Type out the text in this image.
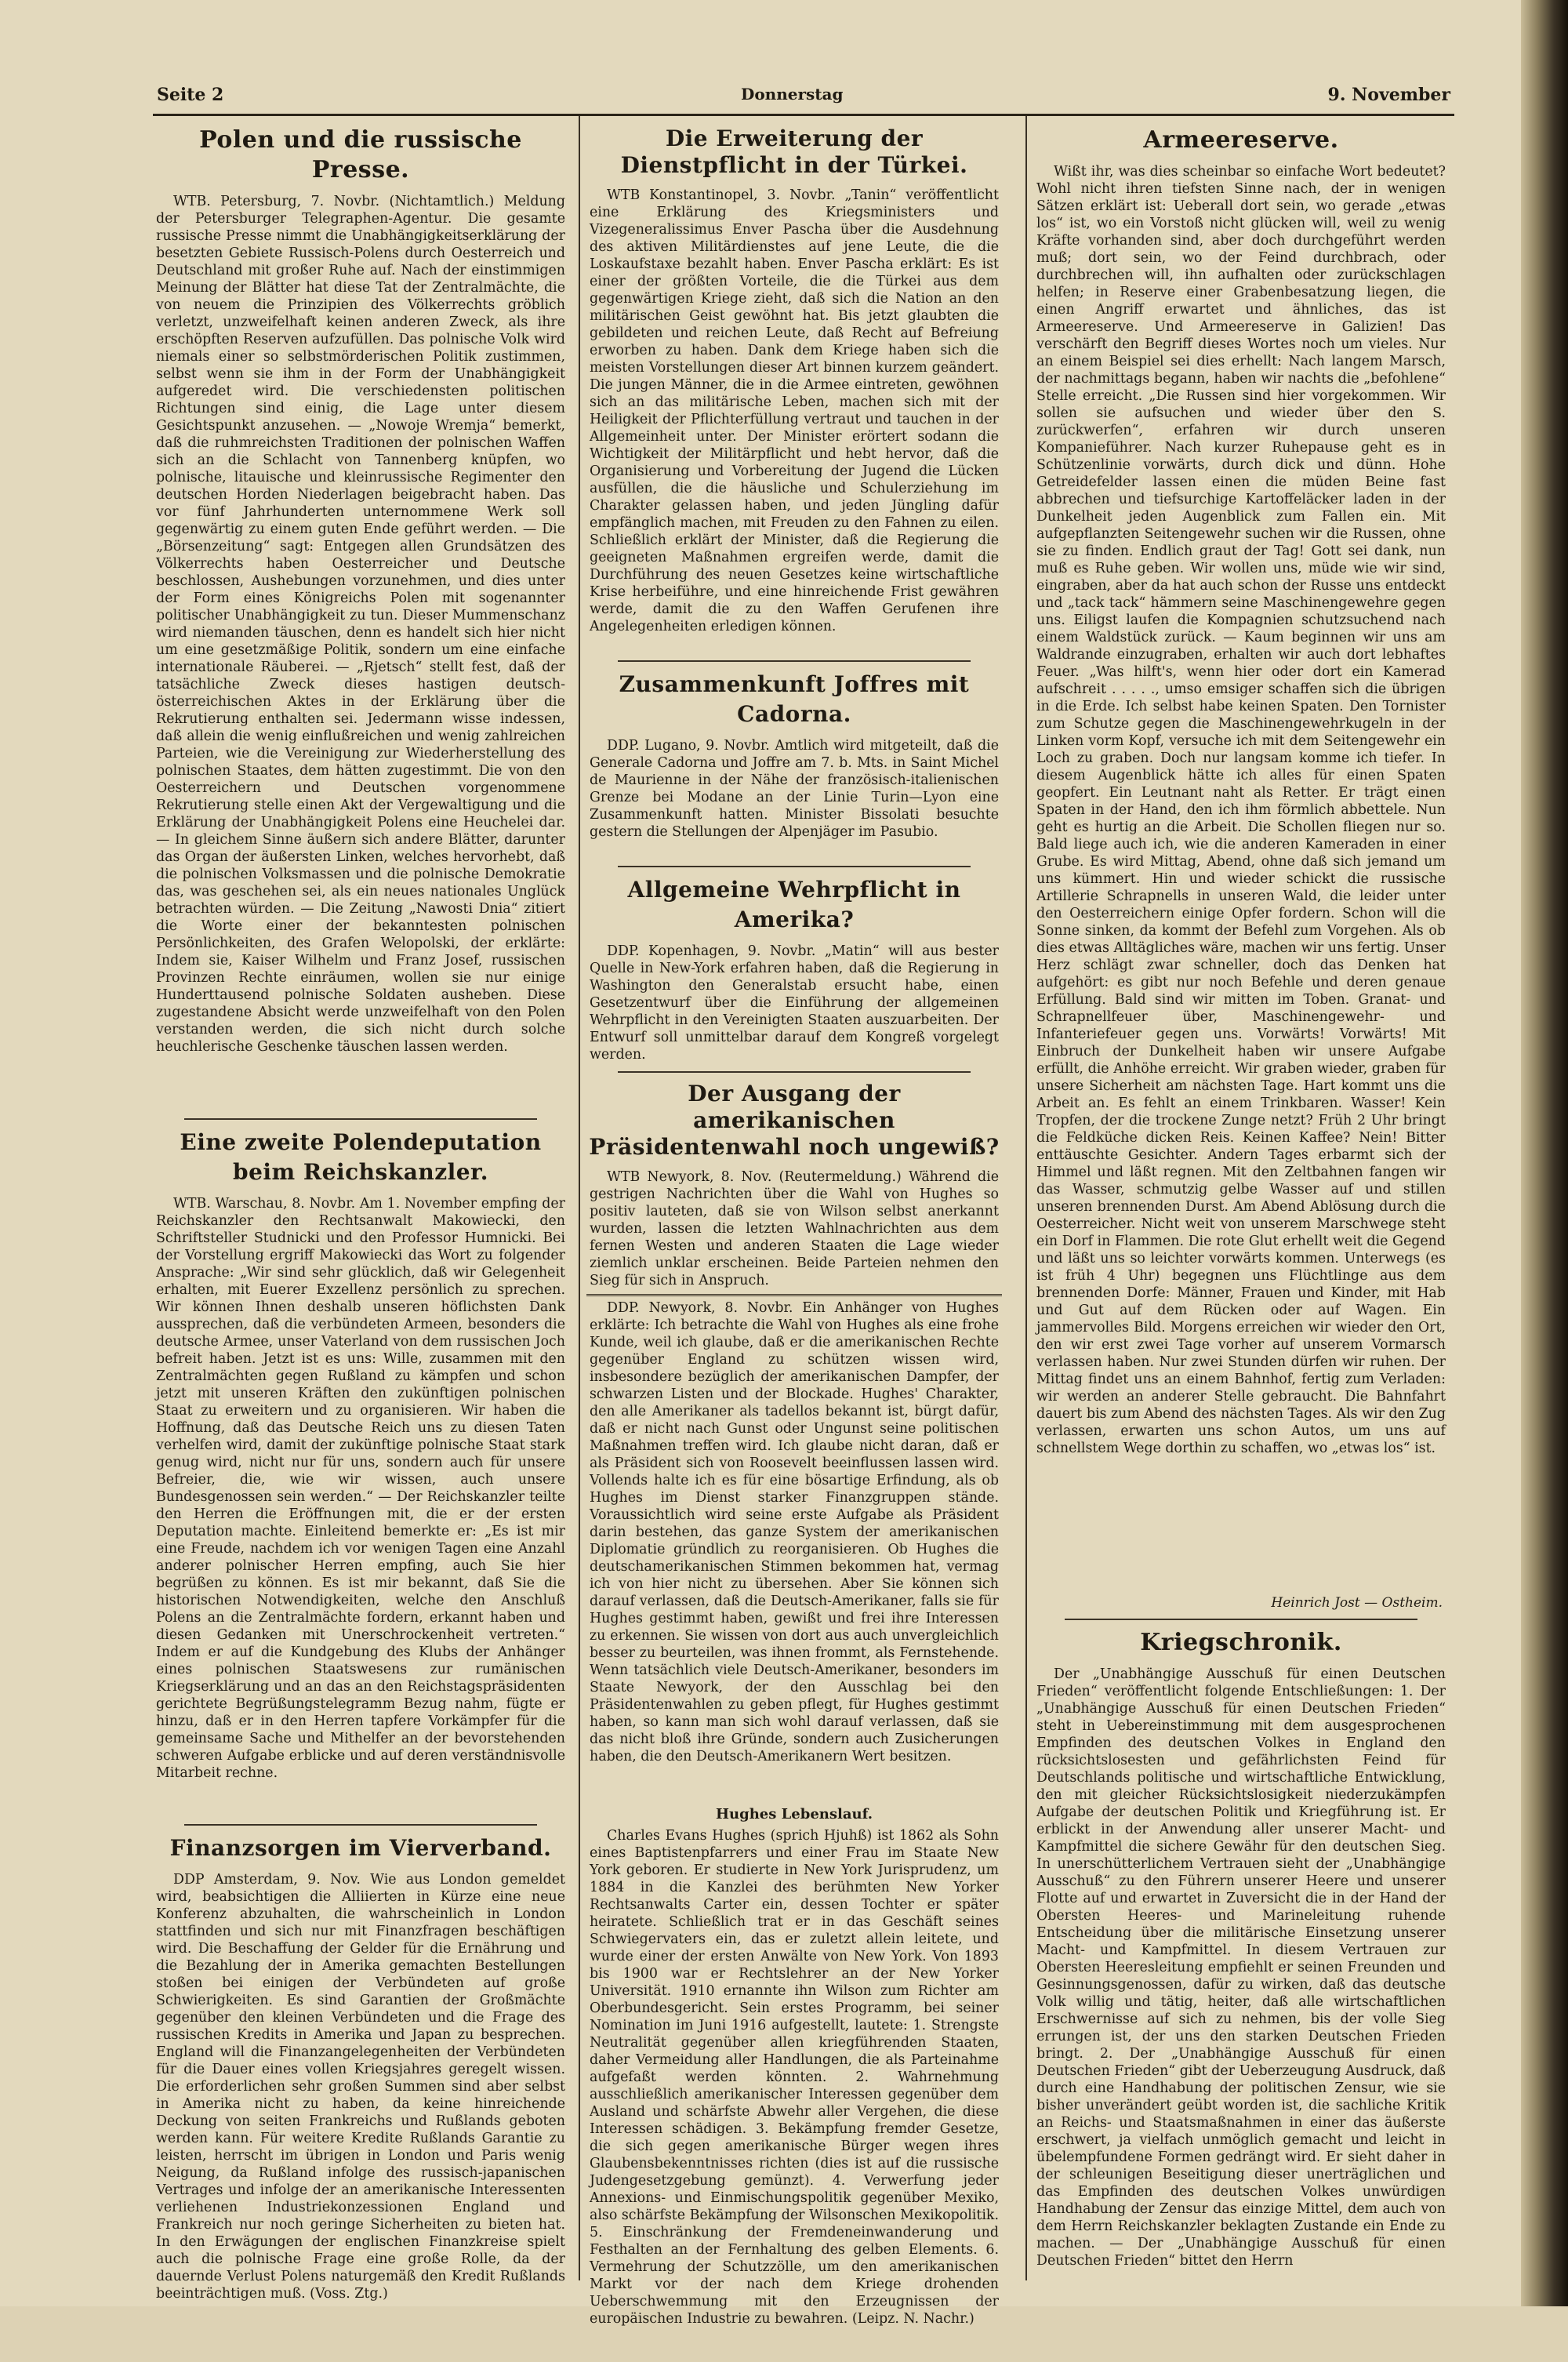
Seite 2	Donnerstag	9. November
Polen und die russische Presse.
WTB. Petersburg, 7. Novbr. (Nichtamtlich.) Meldung der Petersburger Telegraphen-Agentur. Die gesamte russische Presse nimmt die Unabhängigkeitserklärung der besetzten Gebiete Russisch-Polens durch Oesterreich und Deutschland mit großer Ruhe auf. Nach der einstimmigen Meinung der Blätter hat diese Tat der Zentralmächte, die von neuem die Prinzipien des Völkerrechts gröblich verletzt, unzweifelhaft keinen anderen Zweck, als ihre erschöpften Reserven aufzufüllen. Das polnische Volk wird niemals einer so selbstmörderischen Politik zustimmen, selbst wenn sie ihm in der Form der Unabhängigkeit aufgeredet wird. Die verschiedensten politischen Richtungen sind einig, die Lage unter diesem Gesichtspunkt anzusehen. — „Nowoje Wremja“ bemerkt, daß die ruhmreichsten Traditionen der polnischen Waffen sich an die Schlacht von Tannenberg knüpfen, wo polnische, litauische und kleinrussische Regimenter den deutschen Horden Niederlagen beigebracht haben. Das vor fünf Jahrhunderten unternommene Werk soll gegenwärtig zu einem guten Ende geführt werden. — Die „Börsenzeitung“ sagt: Entgegen allen Grundsätzen des Völkerrechts haben Oesterreicher und Deutsche beschlossen, Aushebungen vorzunehmen, und dies unter der Form eines Königreichs Polen mit sogenannter politischer Unabhängigkeit zu tun. Dieser Mummenschanz wird niemanden täuschen, denn es handelt sich hier nicht um eine gesetzmäßige Politik, sondern um eine einfache internationale Räuberei. — „Rjetsch“ stellt fest, daß der tatsächliche Zweck dieses hastigen deutsch-österreichischen Aktes in der Erklärung über die Rekrutierung enthalten sei. Jedermann wisse indessen, daß allein die wenig einflußreichen und wenig zahlreichen Parteien, wie die Vereinigung zur Wiederherstellung des polnischen Staates, dem hätten zugestimmt. Die von den Oesterreichern und Deutschen vorgenommene Rekrutierung stelle einen Akt der Vergewaltigung und die Erklärung der Unabhängigkeit Polens eine Heuchelei dar. — In gleichem Sinne äußern sich andere Blätter, darunter das Organ der äußersten Linken, welches hervorhebt, daß die polnischen Volksmassen und die polnische Demokratie das, was geschehen sei, als ein neues nationales Unglück betrachten würden. — Die Zeitung „Nawosti Dnia“ zitiert die Worte einer der bekanntesten polnischen Persönlichkeiten, des Grafen Welopolski, der erklärte: Indem sie, Kaiser Wilhelm und Franz Josef, russischen Provinzen Rechte einräumen, wollen sie nur einige Hunderttausend polnische Soldaten ausheben. Diese zugestandene Absicht werde unzweifelhaft von den Polen verstanden werden, die sich nicht durch solche heuchlerische Geschenke täuschen lassen werden.
Eine zweite Polendeputation beim Reichskanzler.
WTB. Warschau, 8. Novbr. Am 1. November empfing der Reichskanzler den Rechtsanwalt Makowiecki, den Schriftsteller Studnicki und den Professor Humnicki. Bei der Vorstellung ergriff Makowiecki das Wort zu folgender Ansprache: „Wir sind sehr glücklich, daß wir Gelegenheit erhalten, mit Euerer Exzellenz persönlich zu sprechen. Wir können Ihnen deshalb unseren höflichsten Dank aussprechen, daß die verbündeten Armeen, besonders die deutsche Armee, unser Vaterland von dem russischen Joch befreit haben. Jetzt ist es uns: Wille, zusammen mit den Zentralmächten gegen Rußland zu kämpfen und schon jetzt mit unseren Kräften den zukünftigen polnischen Staat zu erweitern und zu organisieren. Wir haben die Hoffnung, daß das Deutsche Reich uns zu diesen Taten verhelfen wird, damit der zukünftige polnische Staat stark genug wird, nicht nur für uns, sondern auch für unsere Befreier, die, wie wir wissen, auch unsere Bundesgenossen sein werden.“ — Der Reichskanzler teilte den Herren die Eröffnungen mit, die er der ersten Deputation machte. Einleitend bemerkte er: „Es ist mir eine Freude, nachdem ich vor wenigen Tagen eine Anzahl anderer polnischer Herren empfing, auch Sie hier begrüßen zu können. Es ist mir bekannt, daß Sie die historischen Notwendigkeiten, welche den Anschluß Polens an die Zentralmächte fordern, erkannt haben und diesen Gedanken mit Unerschrockenheit vertreten.“ Indem er auf die Kundgebung des Klubs der Anhänger eines polnischen Staatswesens zur rumänischen Kriegserklärung und an das an den Reichstagspräsidenten gerichtete Begrüßungstelegramm Bezug nahm, fügte er hinzu, daß er in den Herren tapfere Vorkämpfer für die gemeinsame Sache und Mithelfer an der bevorstehenden schweren Aufgabe erblicke und auf deren verständnisvolle Mitarbeit rechne.
Finanzsorgen im Vierverband.
DDP Amsterdam, 9. Nov. Wie aus London gemeldet wird, beabsichtigen die Alliierten in Kürze eine neue Konferenz abzuhalten, die wahrscheinlich in London stattfinden und sich nur mit Finanzfragen beschäftigen wird. Die Beschaffung der Gelder für die Ernährung und die Bezahlung der in Amerika gemachten Bestellungen stoßen bei einigen der Verbündeten auf große Schwierigkeiten. Es sind Garantien der Großmächte gegenüber den kleinen Verbündeten und die Frage des russischen Kredits in Amerika und Japan zu besprechen. England will die Finanzangelegenheiten der Verbündeten für die Dauer eines vollen Kriegsjahres geregelt wissen. Die erforderlichen sehr großen Summen sind aber selbst in Amerika nicht zu haben, da keine hinreichende Deckung von seiten Frankreichs und Rußlands geboten werden kann. Für weitere Kredite Rußlands Garantie zu leisten, herrscht im übrigen in London und Paris wenig Neigung, da Rußland infolge des russisch-japanischen Vertrages und infolge der an amerikanische Interessenten verliehenen Industriekonzessionen England und Frankreich nur noch geringe Sicherheiten zu bieten hat. In den Erwägungen der englischen Finanzkreise spielt auch die polnische Frage eine große Rolle, da der dauernde Verlust Polens naturgemäß den Kredit Rußlands beeinträchtigen muß. (Voss. Ztg.)
Die Erweiterung der Dienstpflicht in der Türkei.
WTB Konstantinopel, 3. Novbr. „Tanin“ veröffentlicht eine Erklärung des Kriegsministers und Vizegeneralissimus Enver Pascha über die Ausdehnung des aktiven Militärdienstes auf jene Leute, die die Loskaufstaxe bezahlt haben. Enver Pascha erklärt: Es ist einer der größten Vorteile, die die Türkei aus dem gegenwärtigen Kriege zieht, daß sich die Nation an den militärischen Geist gewöhnt hat. Bis jetzt glaubten die gebildeten und reichen Leute, daß Recht auf Befreiung erworben zu haben. Dank dem Kriege haben sich die meisten Vorstellungen dieser Art binnen kurzem geändert. Die jungen Männer, die in die Armee eintreten, gewöhnen sich an das militärische Leben, machen sich mit der Heiligkeit der Pflichterfüllung vertraut und tauchen in der Allgemeinheit unter. Der Minister erörtert sodann die Wichtigkeit der Militärpflicht und hebt hervor, daß die Organisierung und Vorbereitung der Jugend die Lücken ausfüllen, die die häusliche und Schulerziehung im Charakter gelassen haben, und jeden Jüngling dafür empfänglich machen, mit Freuden zu den Fahnen zu eilen. Schließlich erklärt der Minister, daß die Regierung die geeigneten Maßnahmen ergreifen werde, damit die Durchführung des neuen Gesetzes keine wirtschaftliche Krise herbeiführe, und eine hinreichende Frist gewähren werde, damit die zu den Waffen Gerufenen ihre Angelegenheiten erledigen können.
Zusammenkunft Joffres mit Cadorna.
DDP. Lugano, 9. Novbr. Amtlich wird mitgeteilt, daß die Generale Cadorna und Joffre am 7. b. Mts. in Saint Michel de Maurienne in der Nähe der französisch-italienischen Grenze bei Modane an der Linie Turin—Lyon eine Zusammenkunft hatten. Minister Bissolati besuchte gestern die Stellungen der Alpenjäger im Pasubio.
Allgemeine Wehrpflicht in Amerika?
DDP. Kopenhagen, 9. Novbr. „Matin“ will aus bester Quelle in New-York erfahren haben, daß die Regierung in Washington den Generalstab ersucht habe, einen Gesetzentwurf über die Einführung der allgemeinen Wehrpflicht in den Vereinigten Staaten auszuarbeiten. Der Entwurf soll unmittelbar darauf dem Kongreß vorgelegt werden.
Der Ausgang der amerikanischen Präsidentenwahl noch ungewiß?
WTB Newyork, 8. Nov. (Reutermeldung.) Während die gestrigen Nachrichten über die Wahl von Hughes so positiv lauteten, daß sie von Wilson selbst anerkannt wurden, lassen die letzten Wahlnachrichten aus dem fernen Westen und anderen Staaten die Lage wieder ziemlich unklar erscheinen. Beide Parteien nehmen den Sieg für sich in Anspruch.
DDP. Newyork, 8. Novbr. Ein Anhänger von Hughes erklärte: Ich betrachte die Wahl von Hughes als eine frohe Kunde, weil ich glaube, daß er die amerikanischen Rechte gegenüber England zu schützen wissen wird, insbesondere bezüglich der amerikanischen Dampfer, der schwarzen Listen und der Blockade. Hughes' Charakter, den alle Amerikaner als tadellos bekannt ist, bürgt dafür, daß er nicht nach Gunst oder Ungunst seine politischen Maßnahmen treffen wird. Ich glaube nicht daran, daß er als Präsident sich von Roosevelt beeinflussen lassen wird. Vollends halte ich es für eine bösartige Erfindung, als ob Hughes im Dienst starker Finanzgruppen stände. Voraussichtlich wird seine erste Aufgabe als Präsident darin bestehen, das ganze System der amerikanischen Diplomatie gründlich zu reorganisieren. Ob Hughes die deutschamerikanischen Stimmen bekommen hat, vermag ich von hier nicht zu übersehen. Aber Sie können sich darauf verlassen, daß die Deutsch-Amerikaner, falls sie für Hughes gestimmt haben, gewißt und frei ihre Interessen zu erkennen. Sie wissen von dort aus auch unvergleichlich besser zu beurteilen, was ihnen frommt, als Fernstehende. Wenn tatsächlich viele Deutsch-Amerikaner, besonders im Staate Newyork, der den Ausschlag bei den Präsidentenwahlen zu geben pflegt, für Hughes gestimmt haben, so kann man sich wohl darauf verlassen, daß sie das nicht bloß ihre Gründe, sondern auch Zusicherungen haben, die den Deutsch-Amerikanern Wert besitzen.
Hughes Lebenslauf.
Charles Evans Hughes (sprich Hjuhß) ist 1862 als Sohn eines Baptistenpfarrers und einer Frau im Staate New York geboren. Er studierte in New York Jurisprudenz, um 1884 in die Kanzlei des berühmten New Yorker Rechtsanwalts Carter ein, dessen Tochter er später heiratete. Schließlich trat er in das Geschäft seines Schwiegervaters ein, das er zuletzt allein leitete, und wurde einer der ersten Anwälte von New York. Von 1893 bis 1900 war er Rechtslehrer an der New Yorker Universität. 1910 ernannte ihn Wilson zum Richter am Oberbundesgericht. Sein erstes Programm, bei seiner Nomination im Juni 1916 aufgestellt, lautete: 1. Strengste Neutralität gegenüber allen kriegführenden Staaten, daher Vermeidung aller Handlungen, die als Parteinahme aufgefaßt werden könnten. 2. Wahrnehmung ausschließlich amerikanischer Interessen gegenüber dem Ausland und schärfste Abwehr aller Vergehen, die diese Interessen schädigen. 3. Bekämpfung fremder Gesetze, die sich gegen amerikanische Bürger wegen ihres Glaubensbekenntnisses richten (dies ist auf die russische Judengesetzgebung gemünzt). 4. Verwerfung jeder Annexions- und Einmischungspolitik gegenüber Mexiko, also schärfste Bekämpfung der Wilsonschen Mexikopolitik. 5. Einschränkung der Fremdeneinwanderung und Festhalten an der Fernhaltung des gelben Elements. 6. Vermehrung der Schutzzölle, um den amerikanischen Markt vor der nach dem Kriege drohenden Ueberschwemmung mit den Erzeugnissen der europäischen Industrie zu bewahren. (Leipz. N. Nachr.)
Armeereserve.
Wißt ihr, was dies scheinbar so einfache Wort bedeutet? Wohl nicht ihren tiefsten Sinne nach, der in wenigen Sätzen erklärt ist: Ueberall dort sein, wo gerade „etwas los“ ist, wo ein Vorstoß nicht glücken will, weil zu wenig Kräfte vorhanden sind, aber doch durchgeführt werden muß; dort sein, wo der Feind durchbrach, oder durchbrechen will, ihn aufhalten oder zurückschlagen helfen; in Reserve einer Grabenbesatzung liegen, die einen Angriff erwartet und ähnliches, das ist Armeereserve. Und Armeereserve in Galizien! Das verschärft den Begriff dieses Wortes noch um vieles. Nur an einem Beispiel sei dies erhellt: Nach langem Marsch, der nachmittags begann, haben wir nachts die „befohlene“ Stelle erreicht. „Die Russen sind hier vorgekommen. Wir sollen sie aufsuchen und wieder über den S. zurückwerfen“, erfahren wir durch unseren Kompanieführer. Nach kurzer Ruhepause geht es in Schützenlinie vorwärts, durch dick und dünn. Hohe Getreidefelder lassen einen die müden Beine fast abbrechen und tiefsurchige Kartoffeläcker laden in der Dunkelheit jeden Augenblick zum Fallen ein. Mit aufgepflanzten Seitengewehr suchen wir die Russen, ohne sie zu finden. Endlich graut der Tag! Gott sei dank, nun muß es Ruhe geben. Wir wollen uns, müde wie wir sind, eingraben, aber da hat auch schon der Russe uns entdeckt und „tack tack“ hämmern seine Maschinengewehre gegen uns. Eiligst laufen die Kompagnien schutzsuchend nach einem Waldstück zurück. — Kaum beginnen wir uns am Waldrande einzugraben, erhalten wir auch dort lebhaftes Feuer. „Was hilft's, wenn hier oder dort ein Kamerad aufschreit . . . . ., umso emsiger schaffen sich die übrigen in die Erde. Ich selbst habe keinen Spaten. Den Tornister zum Schutze gegen die Maschinengewehrkugeln in der Linken vorm Kopf, versuche ich mit dem Seitengewehr ein Loch zu graben. Doch nur langsam komme ich tiefer. In diesem Augenblick hätte ich alles für einen Spaten geopfert. Ein Leutnant naht als Retter. Er trägt einen Spaten in der Hand, den ich ihm förmlich abbettele. Nun geht es hurtig an die Arbeit. Die Schollen fliegen nur so. Bald liege auch ich, wie die anderen Kameraden in einer Grube. Es wird Mittag, Abend, ohne daß sich jemand um uns kümmert. Hin und wieder schickt die russische Artillerie Schrapnells in unseren Wald, die leider unter den Oesterreichern einige Opfer fordern. Schon will die Sonne sinken, da kommt der Befehl zum Vorgehen. Als ob dies etwas Alltägliches wäre, machen wir uns fertig. Unser Herz schlägt zwar schneller, doch das Denken hat aufgehört: es gibt nur noch Befehle und deren genaue Erfüllung. Bald sind wir mitten im Toben. Granat- und Schrapnellfeuer über, Maschinengewehr- und Infanteriefeuer gegen uns. Vorwärts! Vorwärts! Mit Einbruch der Dunkelheit haben wir unsere Aufgabe erfüllt, die Anhöhe erreicht. Wir graben wieder, graben für unsere Sicherheit am nächsten Tage. Hart kommt uns die Arbeit an. Es fehlt an einem Trinkbaren. Wasser! Kein Tropfen, der die trockene Zunge netzt? Früh 2 Uhr bringt die Feldküche dicken Reis. Keinen Kaffee? Nein! Bitter enttäuschte Gesichter. Andern Tages erbarmt sich der Himmel und läßt regnen. Mit den Zeltbahnen fangen wir das Wasser, schmutzig gelbe Wasser auf und stillen unseren brennenden Durst. Am Abend Ablösung durch die Oesterreicher. Nicht weit von unserem Marschwege steht ein Dorf in Flammen. Die rote Glut erhellt weit die Gegend und läßt uns so leichter vorwärts kommen. Unterwegs (es ist früh 4 Uhr) begegnen uns Flüchtlinge aus dem brennenden Dorfe: Männer, Frauen und Kinder, mit Hab und Gut auf dem Rücken oder auf Wagen. Ein jammervolles Bild. Morgens erreichen wir wieder den Ort, den wir erst zwei Tage vorher auf unserem Vormarsch verlassen haben. Nur zwei Stunden dürfen wir ruhen. Der Mittag findet uns an einem Bahnhof, fertig zum Verladen: wir werden an anderer Stelle gebraucht. Die Bahnfahrt dauert bis zum Abend des nächsten Tages. Als wir den Zug verlassen, erwarten uns schon Autos, um uns auf schnellstem Wege dorthin zu schaffen, wo „etwas los“ ist.
Heinrich Jost — Ostheim.
Kriegschronik.
Der „Unabhängige Ausschuß für einen Deutschen Frieden“ veröffentlicht folgende Entschließungen: 1. Der „Unabhängige Ausschuß für einen Deutschen Frieden“ steht in Uebereinstimmung mit dem ausgesprochenen Empfinden des deutschen Volkes in England den rücksichtslosesten und gefährlichsten Feind für Deutschlands politische und wirtschaftliche Entwicklung, den mit gleicher Rücksichtslosigkeit niederzukämpfen Aufgabe der deutschen Politik und Kriegführung ist. Er erblickt in der Anwendung aller unserer Macht- und Kampfmittel die sichere Gewähr für den deutschen Sieg. In unerschütterlichem Vertrauen sieht der „Unabhängige Ausschuß“ zu den Führern unserer Heere und unserer Flotte auf und erwartet in Zuversicht die in der Hand der Obersten Heeres- und Marineleitung ruhende Entscheidung über die militärische Einsetzung unserer Macht- und Kampfmittel. In diesem Vertrauen zur Obersten Heeresleitung empfiehlt er seinen Freunden und Gesinnungsgenossen, dafür zu wirken, daß das deutsche Volk willig und tätig, heiter, daß alle wirtschaftlichen Erschwernisse auf sich zu nehmen, bis der volle Sieg errungen ist, der uns den starken Deutschen Frieden bringt. 2. Der „Unabhängige Ausschuß für einen Deutschen Frieden“ gibt der Ueberzeugung Ausdruck, daß durch eine Handhabung der politischen Zensur, wie sie bisher unverändert geübt worden ist, die sachliche Kritik an Reichs- und Staatsmaßnahmen in einer das äußerste erschwert, ja vielfach unmöglich gemacht und leicht in übelempfundene Formen gedrängt wird. Er sieht daher in der schleunigen Beseitigung dieser unerträglichen und das Empfinden des deutschen Volkes unwürdigen Handhabung der Zensur das einzige Mittel, dem auch von dem Herrn Reichskanzler beklagten Zustande ein Ende zu machen. — Der „Unabhängige Ausschuß für einen Deutschen Frieden“ bittet den Herrn
